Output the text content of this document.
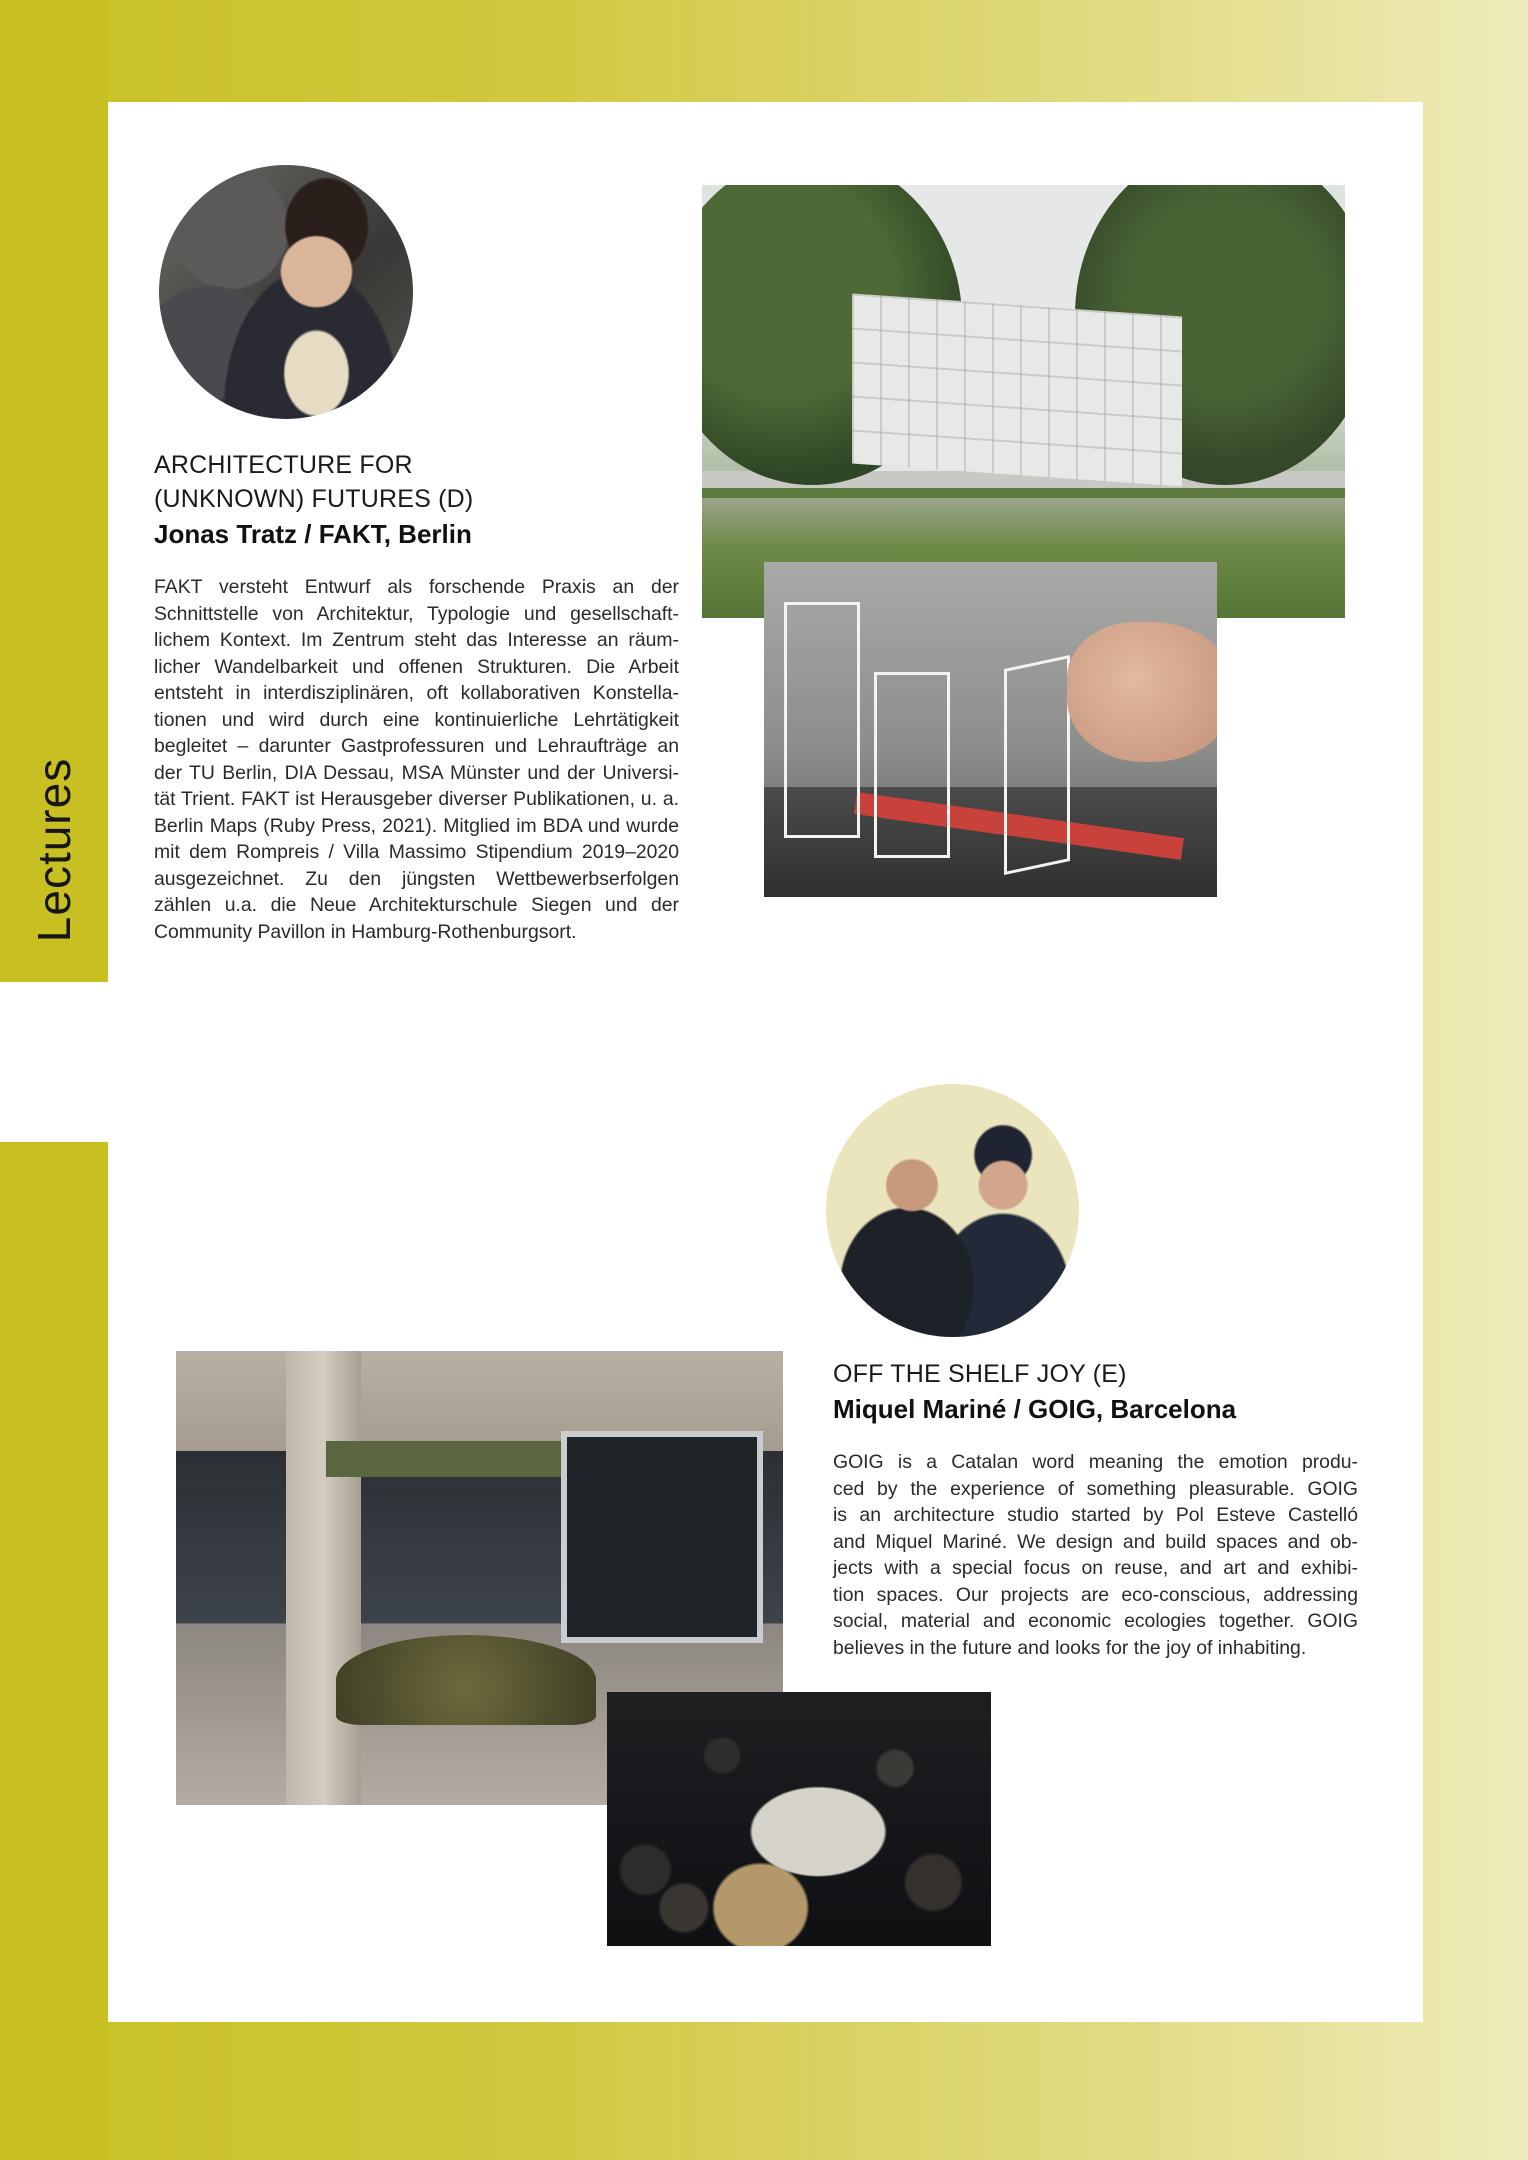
Lectures
ARCHITECTURE FOR
(UNKNOWN) FUTURES (D)

Jonas Tratz / FAKT, Berlin

FAKT versteht Entwurf als forschende Praxis an der
Schnittstelle von Architektur, Typologie und gesellschaft-
lichem Kontext. Im Zentrum steht das Interesse an räum-
licher Wandelbarkeit und offenen Strukturen. Die Arbeit
entsteht in interdisziplinären, oft kollaborativen Konstella-
tionen und wird durch eine kontinuierliche Lehrtätigkeit
begleitet – darunter Gastprofessuren und Lehraufträge an
der TU Berlin, DIA Dessau, MSA Münster und der Universi-
tät Trient. FAKT ist Herausgeber diverser Publikationen, u. a.
Berlin Maps (Ruby Press, 2021). Mitglied im BDA und wurde
mit dem Rompreis / Villa Massimo Stipendium 2019–2020
ausgezeichnet. Zu den jüngsten Wettbewerbserfolgen
zählen u.a. die Neue Architekturschule Siegen und der
Community Pavillon in Hamburg-Rothenburgsort.
OFF THE SHELF JOY (E)

Miquel Mariné / GOIG, Barcelona

GOIG is a Catalan word meaning the emotion produ-
ced by the experience of something pleasurable. GOIG
is an architecture studio started by Pol Esteve Castelló
and Miquel Mariné. We design and build spaces and ob-
jects with a special focus on reuse, and art and exhibi-
tion spaces. Our projects are eco-conscious, addressing
social, material and economic ecologies together. GOIG
believes in the future and looks for the joy of inhabiting.
